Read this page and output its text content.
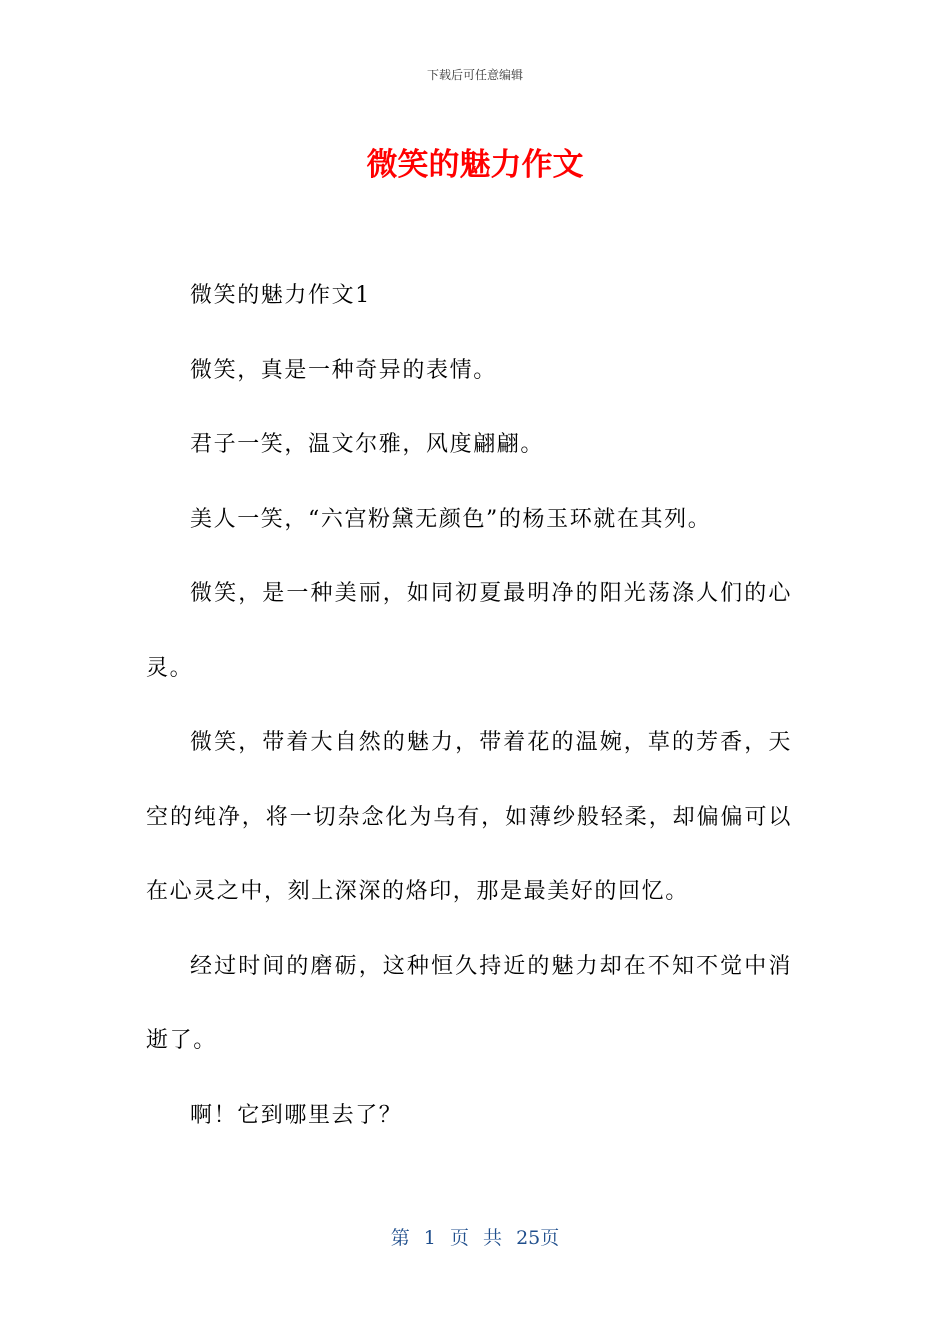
下载后可任意编辑
微笑的魅力作文

微笑的魅力作文1

微笑，真是一种奇异的表情。

君子一笑，温文尔雅，风度翩翩。

美人一笑，“六宫粉黛无颜色”的杨玉环就在其列。

微笑，是一种美丽，如同初夏最明净的阳光荡涤人们的心灵。

微笑，带着大自然的魅力，带着花的温婉，草的芳香，天空的纯净，将一切杂念化为乌有，如薄纱般轻柔，却偏偏可以在心灵之中，刻上深深的烙印，那是最美好的回忆。

经过时间的磨砺，这种恒久持近的魅力却在不知不觉中消逝了。

啊！它到哪里去了？

第 1 页 共 25页
